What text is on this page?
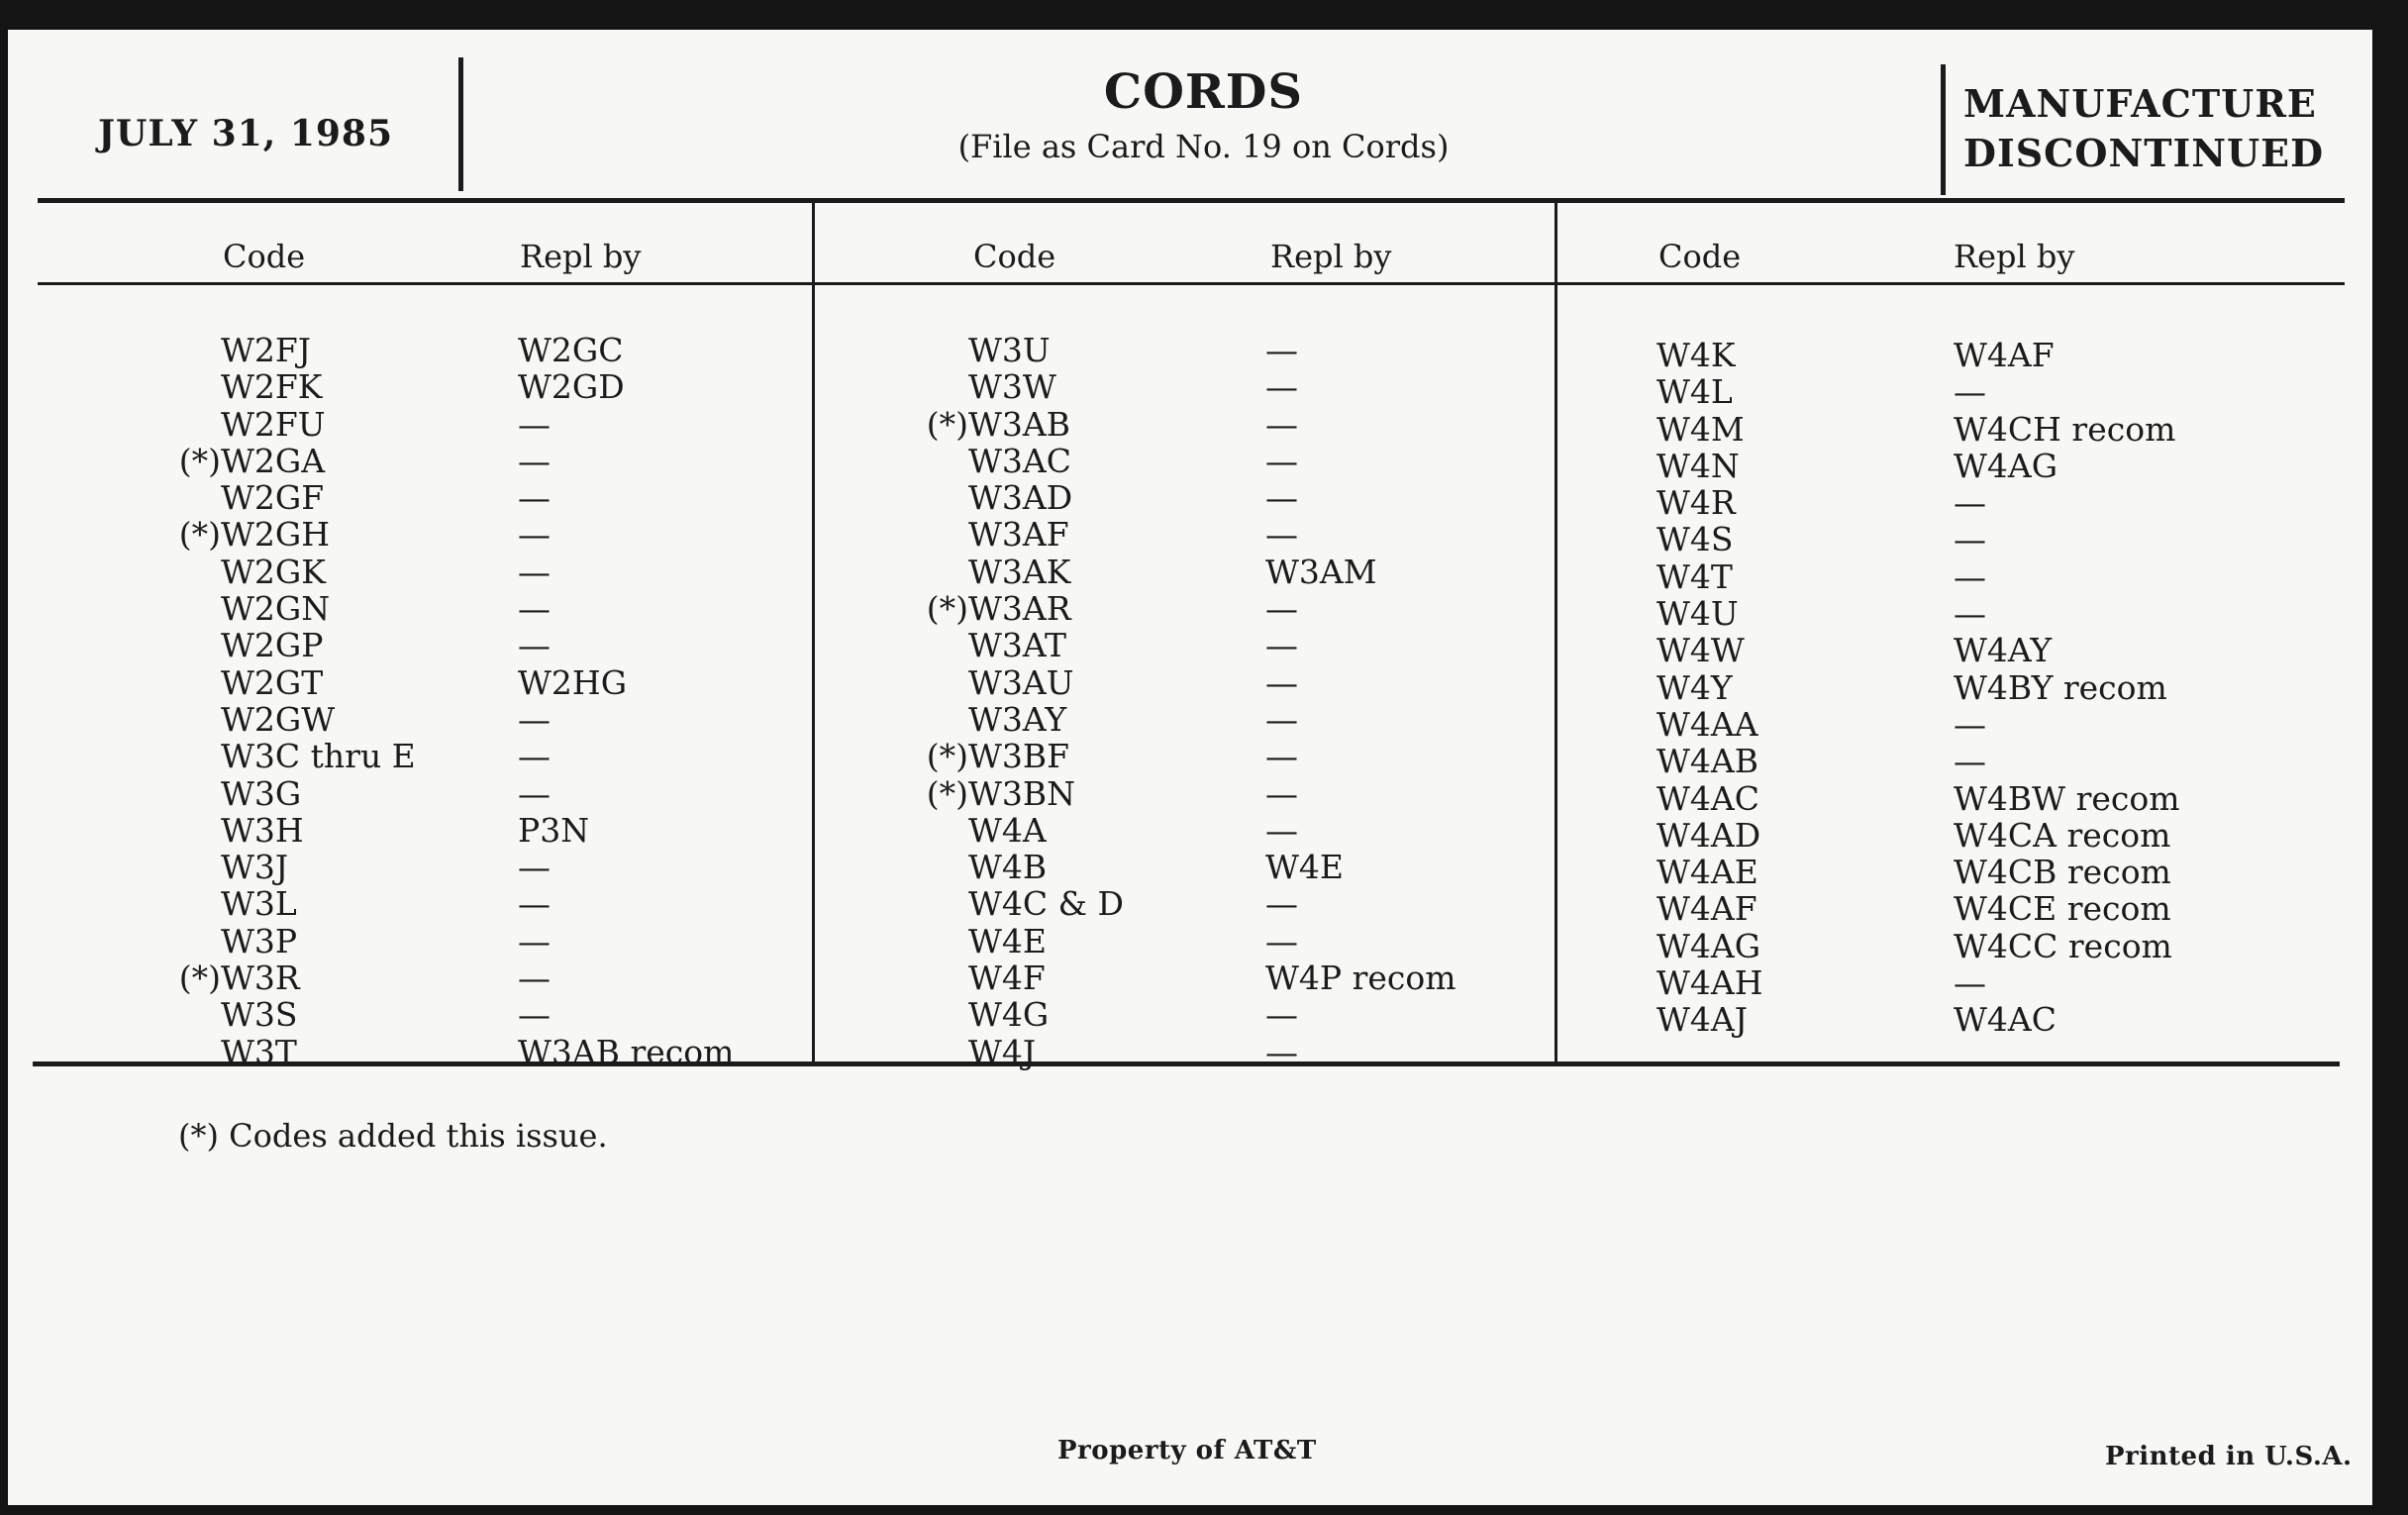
JULY 31, 1985
CORDS
(File as Card No. 19 on Cords)
MANUFACTURE
DISCONTINUED
Code	Repl by
W2FJ	W2GC
W2FK	W2GD
W2FU	—
(*) W2GA	—
W2GF	—
(*) W2GH	—
W2GK	—
W2GN	—
W2GP	—
W2GT	W2HG
W2GW	—
W3C thru E	—
W3G	—
W3H	P3N
W3J	—
W3L	—
W3P	—
(*) W3R	—
W3S	—
W3T	W3AB recom
Code	Repl by
W3U	—
W3W	—
(*) W3AB	—
W3AC	—
W3AD	—
W3AF	—
W3AK	W3AM
(*) W3AR	—
W3AT	—
W3AU	—
W3AY	—
(*) W3BF	—
(*) W3BN	—
W4A	—
W4B	W4E
W4C & D	—
W4E	—
W4F	W4P recom
W4G	—
W4J	—
Code	Repl by
W4K	W4AF
W4L	—
W4M	W4CH recom
W4N	W4AG
W4R	—
W4S	—
W4T	—
W4U	—
W4W	W4AY
W4Y	W4BY recom
W4AA	—
W4AB	—
W4AC	W4BW recom
W4AD	W4CA recom
W4AE	W4CB recom
W4AF	W4CE recom
W4AG	W4CC recom
W4AH	—
W4AJ	W4AC
(*) Codes added this issue.
Property of AT&T	Printed in U.S.A.
